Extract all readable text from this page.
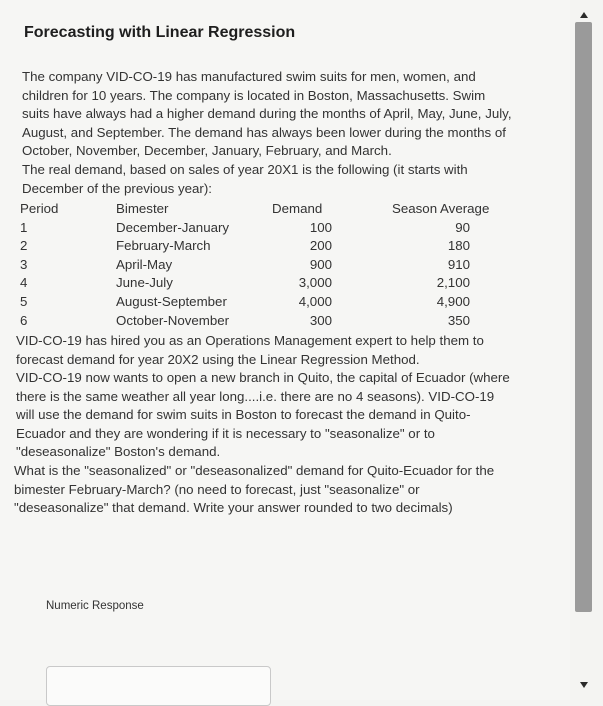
Forecasting with Linear Regression
The company VID-CO-19 has manufactured swim suits for men, women, and
children for 10 years. The company is located in Boston, Massachusetts. Swim
suits have always had a higher demand during the months of April, May, June, July,
August, and September. The demand has always been lower during the months of
October, November, December, January, February, and March.
The real demand, based on sales of year 20X1 is the following (it starts with
December of the previous year):
Period	Bimester	Demand	Season Average
1	December-January	100	90
2	February-March	200	180
3	April-May	900	910
4	June-July	3,000	2,100
5	August-September	4,000	4,900
6	October-November	300	350
VID-CO-19 has hired you as an Operations Management expert to help them to
forecast demand for year 20X2 using the Linear Regression Method.
VID-CO-19 now wants to open a new branch in Quito, the capital of Ecuador (where
there is the same weather all year long....i.e. there are no 4 seasons). VID-CO-19
will use the demand for swim suits in Boston to forecast the demand in Quito-
Ecuador and they are wondering if it is necessary to "seasonalize" or to
"deseasonalize" Boston's demand.
What is the "seasonalized" or "deseasonalized" demand for Quito-Ecuador for the
bimester February-March? (no need to forecast, just "seasonalize" or
"deseasonalize" that demand. Write your answer rounded to two decimals)
Numeric Response
